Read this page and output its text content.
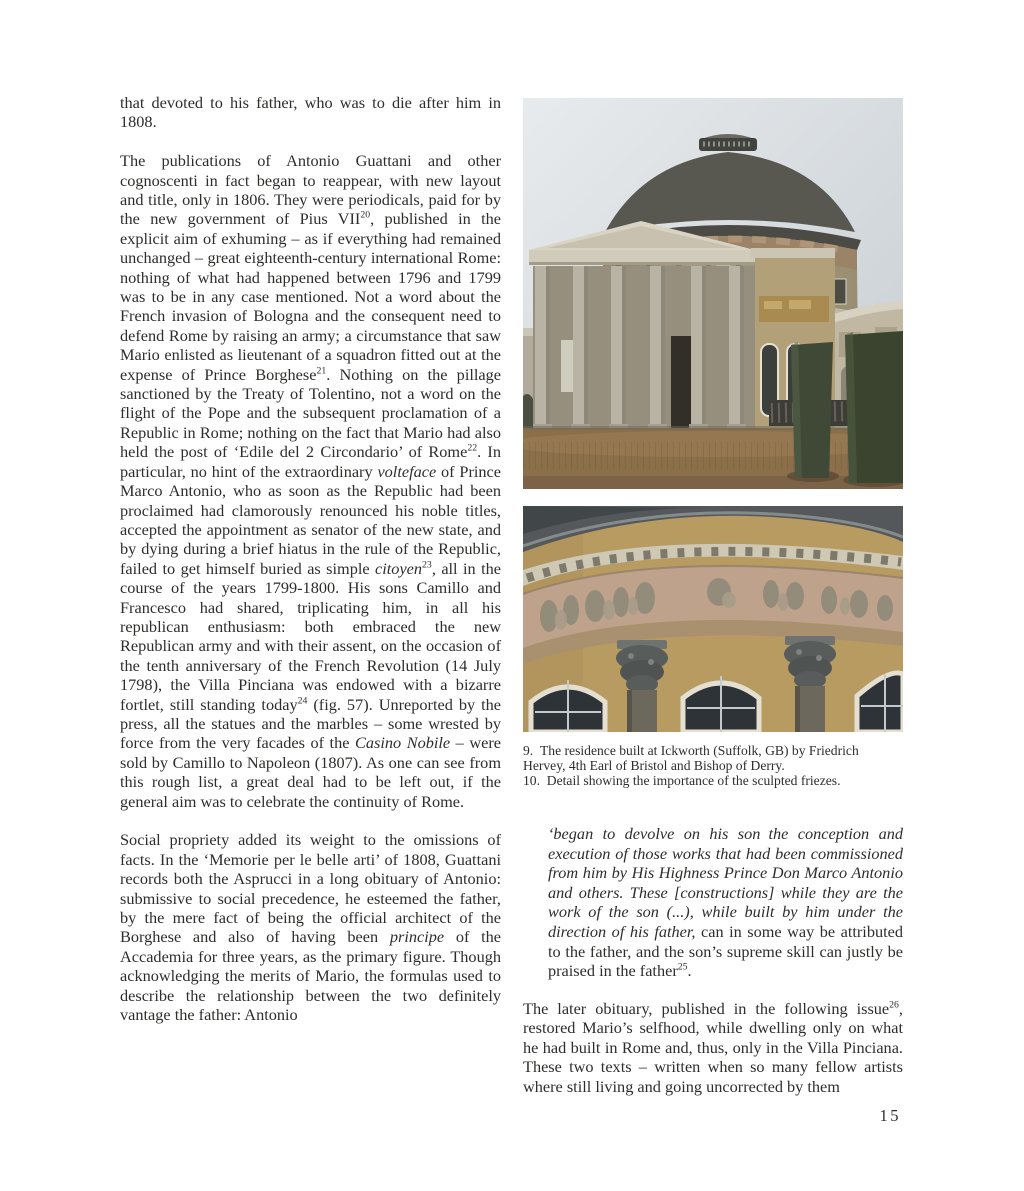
that devoted to his father, who was to die after him in 1808.

The publications of Antonio Guattani and other cognoscenti in fact began to reappear, with new layout and title, only in 1806. They were periodicals, paid for by the new government of Pius VII$^{20}$, published in the explicit aim of exhuming – as if everything had remained unchanged – great eighteenth-century international Rome: nothing of what had happened between 1796 and 1799 was to be in any case mentioned. Not a word about the French invasion of Bologna and the consequent need to defend Rome by raising an army; a circumstance that saw Mario enlisted as lieutenant of a squadron fitted out at the expense of Prince Borghese$^{21}$. Nothing on the pillage sanctioned by the Treaty of Tolentino, not a word on the flight of the Pope and the subsequent proclamation of a Republic in Rome; nothing on the fact that Mario had also held the post of ‘Edile del 2 Circondario’ of Rome$^{22}$. In particular, no hint of the extraordinary volteface of Prince Marco Antonio, who as soon as the Republic had been proclaimed had clamorously renounced his noble titles, accepted the appointment as senator of the new state, and by dying during a brief hiatus in the rule of the Republic, failed to get himself buried as simple citoyen$^{23}$, all in the course of the years 1799-1800. His sons Camillo and Francesco had shared, triplicating him, in all his republican enthusiasm: both embraced the new Republican army and with their assent, on the occasion of the tenth anniversary of the French Revolution (14 July 1798), the Villa Pinciana was endowed with a bizarre fortlet, still standing today$^{24}$ (fig. 57). Unreported by the press, all the statues and the marbles – some wrested by force from the very facades of the Casino Nobile – were sold by Camillo to Napoleon (1807). As one can see from this rough list, a great deal had to be left out, if the general aim was to celebrate the continuity of Rome.

Social propriety added its weight to the omissions of facts. In the ‘Memorie per le belle arti’ of 1808, Guattani records both the Asprucci in a long obituary of Antonio: submissive to social precedence, he esteemed the father, by the mere fact of being the official architect of the Borghese and also of having been principe of the Accademia for three years, as the primary figure. Though acknowledging the merits of Mario, the formulas used to describe the relationship between the two definitely vantage the father: Antonio

9. The residence built at Ickworth (Suffolk, GB) by Friedrich Hervey, 4th Earl of Bristol and Bishop of Derry.

10. Detail showing the importance of the sculpted friezes.

‘began to devolve on his son the conception and execution of those works that had been commissioned from him by His Highness Prince Don Marco Antonio and others. These [constructions] while they are the work of the son (...), while built by him under the direction of his father, can in some way be attributed to the father, and the son’s supreme skill can justly be praised in the father$^{25}$.

The later obituary, published in the following issue$^{26}$, restored Mario’s selfhood, while dwelling only on what he had built in Rome and, thus, only in the Villa Pinciana. These two texts – written when so many fellow artists where still living and going uncorrected by them

15
